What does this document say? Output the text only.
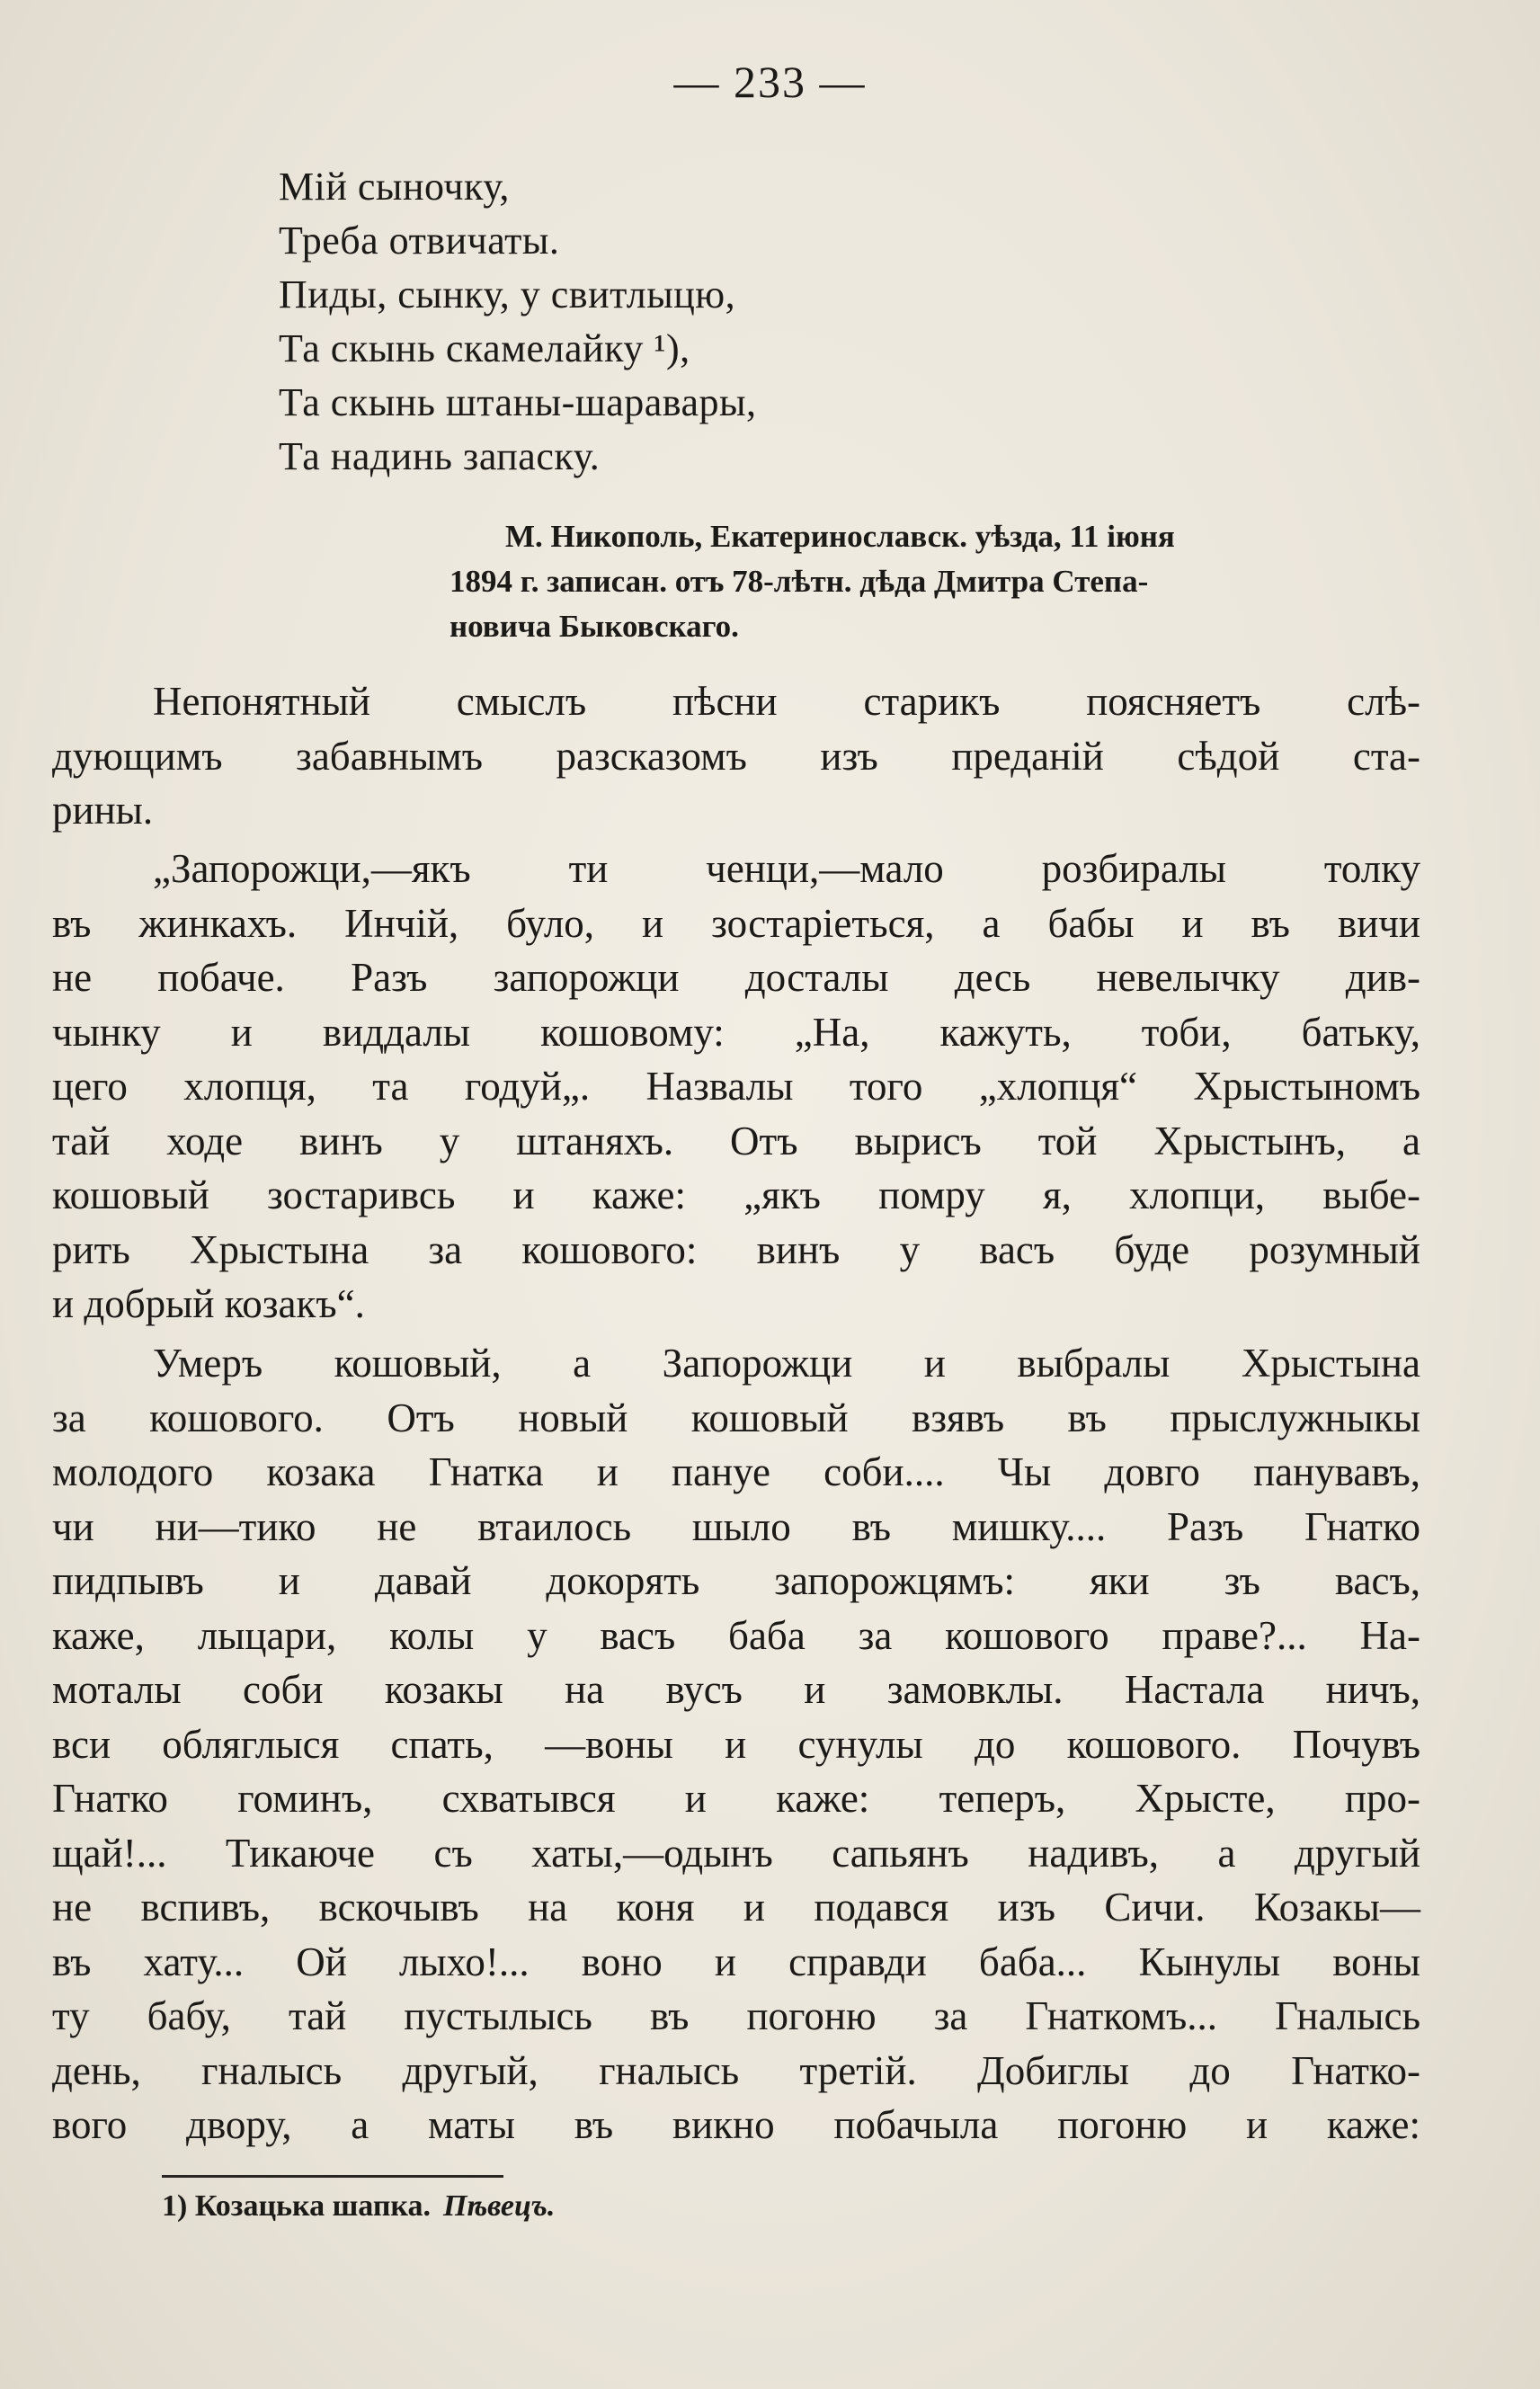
— 233 —
Мій сыночку,
Треба отвичаты.
Пиды, сынку, у свитлыцю,
Та скынь скамелайку ¹),
Та скынь штаны-шаравары,
Та надинь запаску.
М. Никополь, Екатеринославск. уѣзда, 11 іюня
1894 г. записан. отъ 78-лѣтн. дѣда Дмитра Степа-
новича Быковскаго.
Непонятный смыслъ пѣсни старикъ поясняетъ слѣ-
дующимъ забавнымъ разсказомъ изъ преданій сѣдой ста-
рины.
„Запорожци,—якъ ти ченци,—мало розбиралы толку
въ жинкахъ. Инчій, було, и зостаріеться, а бабы и въ вичи
не побаче. Разъ запорожци досталы десь невелычку див-
чынку и виддалы кошовому: „На, кажуть, тоби, батьку,
цего хлопця, та годуй„. Назвалы того „хлопця“ Хрыстыномъ
тай ходе винъ у штаняхъ. Отъ вырисъ той Хрыстынъ, а
кошовый зостаривсь и каже: „якъ помру я, хлопци, выбе-
рить Хрыстына за кошового: винъ у васъ буде розумный
и добрый козакъ“.
Умеръ кошовый, а Запорожци и выбралы Хрыстына
за кошового. Отъ новый кошовый взявъ въ прыслужныкы
молодого козака Гнатка и пануе соби.... Чы довго панувавъ,
чи ни—тико не втаилось шыло въ мишку.... Разъ Гнатко
пидпывъ и давай докорять запорожцямъ: яки зъ васъ,
каже, лыцари, колы у васъ баба за кошового праве?... На-
моталы соби козакы на вусъ и замовклы. Настала ничъ,
вси обляглыся спать, —воны и сунулы до кошового. Почувъ
Гнатко гоминъ, схватывся и каже: теперъ, Хрысте, про-
щай!... Тикаюче съ хаты,—одынъ сапьянъ надивъ, а другый
не вспивъ, вскочывъ на коня и подався изъ Сичи. Козакы—
въ хату... Ой лыхо!... воно и справди баба... Кынулы воны
ту бабу, тай пустылысь въ погоню за Гнаткомъ... Гналысь
день, гналысь другый, гналысь третій. Добиглы до Гнатко-
вого двору, а маты въ викно побачыла погоню и каже:
1) Козацька шапка. Пѣвецъ.
